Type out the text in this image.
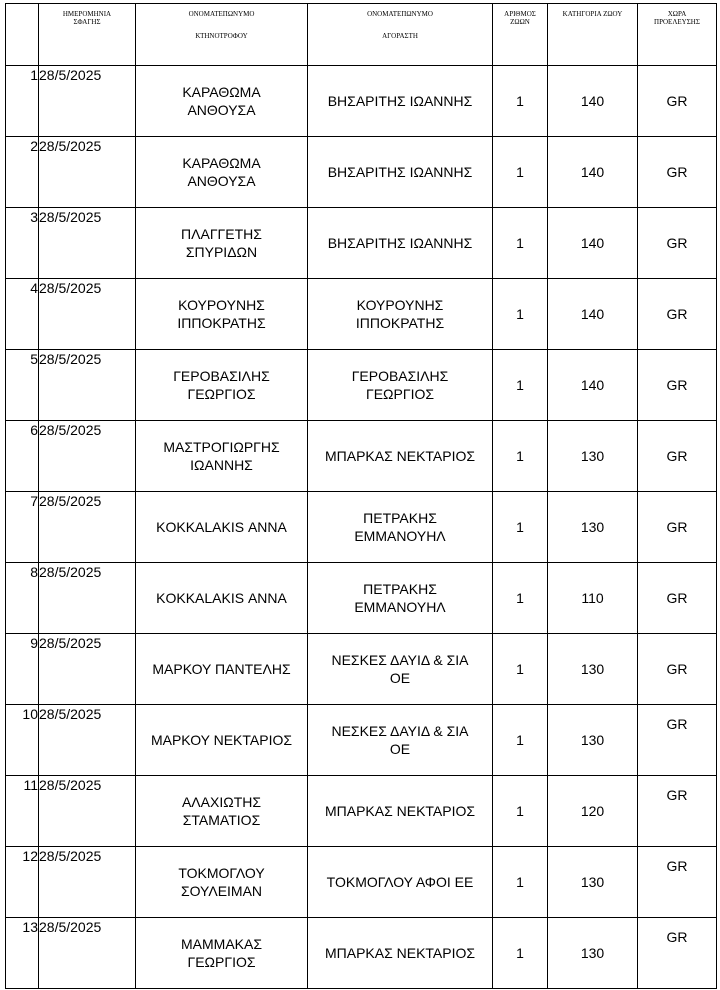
	ΗΜΕΡΟΜΗΝΙΑ
ΣΦΑΓΗΣ	ΟΝΟΜΑΤΕΠΩΝΥΜΟ
ΚΤΗΝΟΤΡΟΦΟΥ	ΟΝΟΜΑΤΕΠΩΝΥΜΟ
ΑΓΟΡΑΣΤΗ	ΑΡΙΘΜΟΣ
ΖΩΩΝ	ΚΑΤΗΓΟΡΙΑ ΖΩΟΥ	ΧΩΡΑ
ΠΡΟΕΛΕΥΣΗΣ
1	28/5/2025	ΚΑΡΑΘΩΜΑ
ΑΝΘΟΥΣΑ	ΒΗΣΑΡΙΤΗΣ ΙΩΑΝΝΗΣ	1	140	GR
2	28/5/2025	ΚΑΡΑΘΩΜΑ
ΑΝΘΟΥΣΑ	ΒΗΣΑΡΙΤΗΣ ΙΩΑΝΝΗΣ	1	140	GR
3	28/5/2025	ΠΛΑΓΓΕΤΗΣ
ΣΠΥΡΙΔΩΝ	ΒΗΣΑΡΙΤΗΣ ΙΩΑΝΝΗΣ	1	140	GR
4	28/5/2025	ΚΟΥΡΟΥΝΗΣ
ΙΠΠΟΚΡΑΤΗΣ	ΚΟΥΡΟΥΝΗΣ
ΙΠΠΟΚΡΑΤΗΣ	1	140	GR
5	28/5/2025	ΓΕΡΟΒΑΣΙΛΗΣ
ΓΕΩΡΓΙΟΣ	ΓΕΡΟΒΑΣΙΛΗΣ
ΓΕΩΡΓΙΟΣ	1	140	GR
6	28/5/2025	ΜΑΣΤΡΟΓΙΩΡΓΗΣ
ΙΩΑΝΝΗΣ	ΜΠΑΡΚΑΣ ΝΕΚΤΑΡΙΟΣ	1	130	GR
7	28/5/2025	KOKKALAKIS ΑΝΝΑ	ΠΕΤΡΑΚΗΣ
ΕΜΜΑΝΟΥΗΛ	1	130	GR
8	28/5/2025	KOKKALAKIS ΑΝΝΑ	ΠΕΤΡΑΚΗΣ
ΕΜΜΑΝΟΥΗΛ	1	110	GR
9	28/5/2025	ΜΑΡΚΟΥ ΠΑΝΤΕΛΗΣ	ΝΕΣΚΕΣ ΔΑΥΙΔ & ΣΙΑ
ΟΕ	1	130	GR
10	28/5/2025	ΜΑΡΚΟΥ ΝΕΚΤΑΡΙΟΣ	ΝΕΣΚΕΣ ΔΑΥΙΔ & ΣΙΑ
ΟΕ	1	130	GR
11	28/5/2025	ΑΛΑΧΙΩΤΗΣ
ΣΤΑΜΑΤΙΟΣ	ΜΠΑΡΚΑΣ ΝΕΚΤΑΡΙΟΣ	1	120	GR
12	28/5/2025	ΤΟΚΜΟΓΛΟΥ
ΣΟΥΛΕΙΜΑΝ	ΤΟΚΜΟΓΛΟΥ ΑΦΟΙ ΕΕ	1	130	GR
13	28/5/2025	ΜΑΜΜΑΚΑΣ
ΓΕΩΡΓΙΟΣ	ΜΠΑΡΚΑΣ ΝΕΚΤΑΡΙΟΣ	1	130	GR
